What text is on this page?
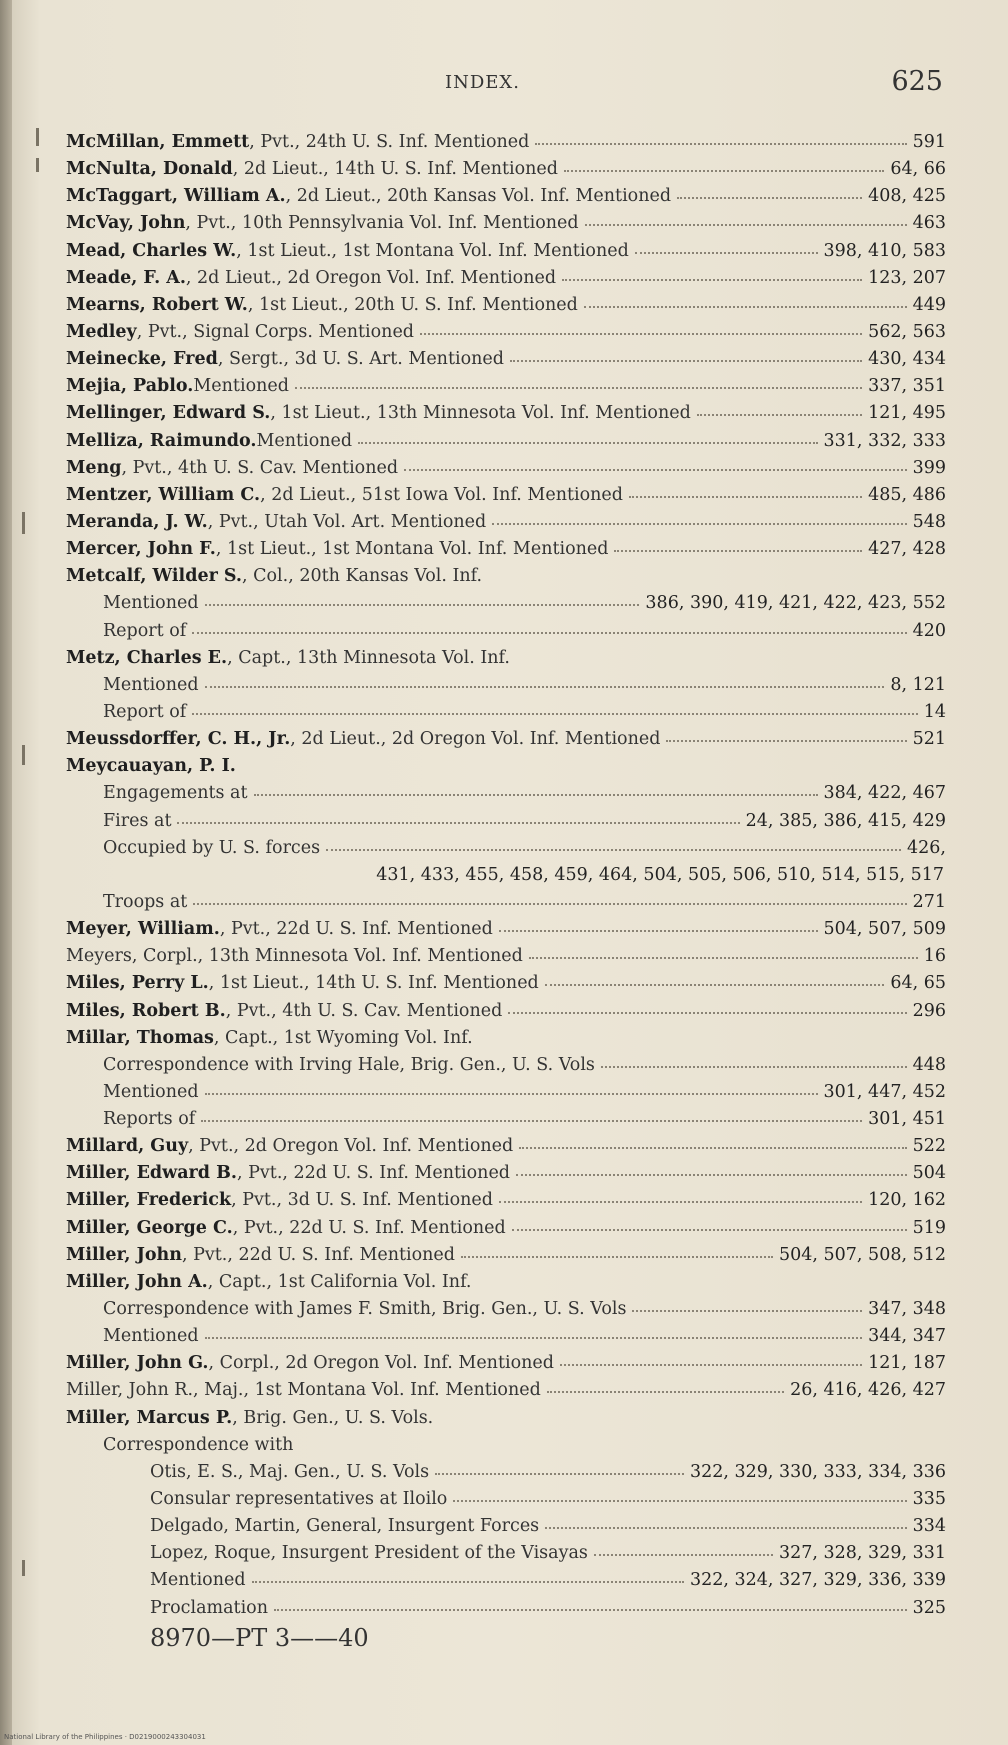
INDEX.	625
McMillan, Emmett , Pvt., 24th U. S. Inf. Mentioned	591
McNulta, Donald , 2d Lieut., 14th U. S. Inf. Mentioned	64, 66
McTaggart, William A. , 2d Lieut., 20th Kansas Vol. Inf. Mentioned	408, 425
McVay, John , Pvt., 10th Pennsylvania Vol. Inf. Mentioned	463
Mead, Charles W. , 1st Lieut., 1st Montana Vol. Inf. Mentioned	398, 410, 583
Meade, F. A. , 2d Lieut., 2d Oregon Vol. Inf. Mentioned	123, 207
Mearns, Robert W. , 1st Lieut., 20th U. S. Inf. Mentioned	449
Medley , Pvt., Signal Corps. Mentioned	562, 563
Meinecke, Fred , Sergt., 3d U. S. Art. Mentioned	430, 434
Mejia, Pablo. Mentioned	337, 351
Mellinger, Edward S. , 1st Lieut., 13th Minnesota Vol. Inf. Mentioned	121, 495
Melliza, Raimundo. Mentioned	331, 332, 333
Meng , Pvt., 4th U. S. Cav. Mentioned	399
Mentzer, William C. , 2d Lieut., 51st Iowa Vol. Inf. Mentioned	485, 486
Meranda, J. W. , Pvt., Utah Vol. Art. Mentioned	548
Mercer, John F. , 1st Lieut., 1st Montana Vol. Inf. Mentioned	427, 428
Metcalf, Wilder S. , Col., 20th Kansas Vol. Inf.
Mentioned	386, 390, 419, 421, 422, 423, 552
Report of	420
Metz, Charles E. , Capt., 13th Minnesota Vol. Inf.
Mentioned	8, 121
Report of	14
Meussdorffer, C. H., Jr. , 2d Lieut., 2d Oregon Vol. Inf. Mentioned	521
Meycauayan, P. I.
Engagements at	384, 422, 467
Fires at	24, 385, 386, 415, 429
Occupied by U. S. forces	426,
431, 433, 455, 458, 459, 464, 504, 505, 506, 510, 514, 515, 517
Troops at	271
Meyer, William. , Pvt., 22d U. S. Inf. Mentioned	504, 507, 509
Meyers, Corpl., 13th Minnesota Vol. Inf. Mentioned	16
Miles, Perry L. , 1st Lieut., 14th U. S. Inf. Mentioned	64, 65
Miles, Robert B. , Pvt., 4th U. S. Cav. Mentioned	296
Millar, Thomas , Capt., 1st Wyoming Vol. Inf.
Correspondence with Irving Hale, Brig. Gen., U. S. Vols	448
Mentioned	301, 447, 452
Reports of	301, 451
Millard, Guy , Pvt., 2d Oregon Vol. Inf. Mentioned	522
Miller, Edward B. , Pvt., 22d U. S. Inf. Mentioned	504
Miller, Frederick , Pvt., 3d U. S. Inf. Mentioned	120, 162
Miller, George C. , Pvt., 22d U. S. Inf. Mentioned	519
Miller, John , Pvt., 22d U. S. Inf. Mentioned	504, 507, 508, 512
Miller, John A. , Capt., 1st California Vol. Inf.
Correspondence with James F. Smith, Brig. Gen., U. S. Vols	347, 348
Mentioned	344, 347
Miller, John G. , Corpl., 2d Oregon Vol. Inf. Mentioned	121, 187
Miller, John R., Maj., 1st Montana Vol. Inf. Mentioned	26, 416, 426, 427
Miller, Marcus P. , Brig. Gen., U. S. Vols.
Correspondence with
Otis, E. S., Maj. Gen., U. S. Vols	322, 329, 330, 333, 334, 336
Consular representatives at Iloilo	335
Delgado, Martin, General, Insurgent Forces	334
Lopez, Roque, Insurgent President of the Visayas	327, 328, 329, 331
Mentioned	322, 324, 327, 329, 336, 339
Proclamation	325
8970—PT 3——40
National Library of the Philippines · D0219000243304031
